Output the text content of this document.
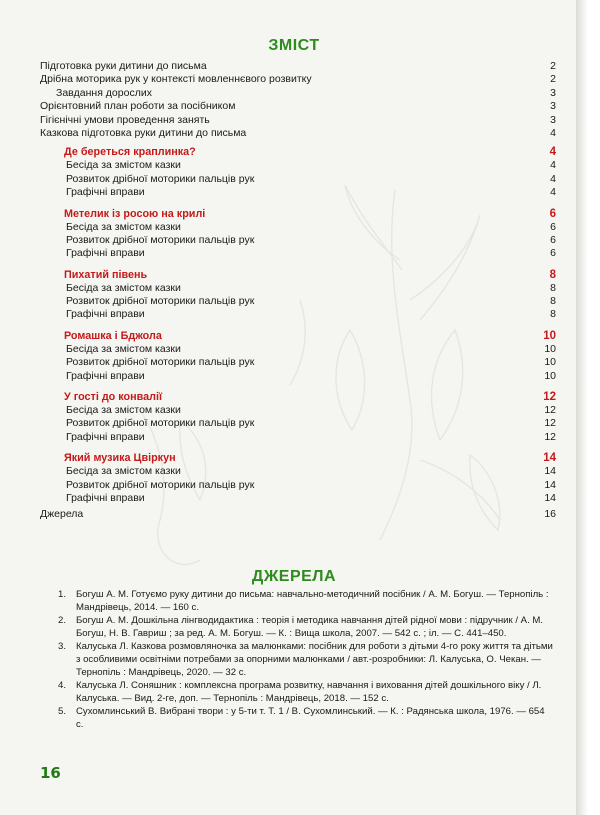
ЗМІСТ
Підготовка руки дитини до письма	2
Дрібна моторика рук у контексті мовленнєвого розвитку	2
Завдання дорослих	3
Орієнтовний план роботи за посібником	3
Гігієнічні умови проведення занять	3
Казкова підготовка руки дитини до письма	4
Де береться краплинка?	4
Бесіда за змістом казки	4
Розвиток дрібної моторики пальців рук	4
Графічні вправи	4
Метелик із росою на крилі	6
Бесіда за змістом казки	6
Розвиток дрібної моторики пальців рук	6
Графічні вправи	6
Пихатий півень	8
Бесіда за змістом казки	8
Розвиток дрібної моторики пальців рук	8
Графічні вправи	8
Ромашка і Бджола	10
Бесіда за змістом казки	10
Розвиток дрібної моторики пальців рук	10
Графічні вправи	10
У гості до конвалії	12
Бесіда за змістом казки	12
Розвиток дрібної моторики пальців рук	12
Графічні вправи	12
Який музика Цвіркун	14
Бесіда за змістом казки	14
Розвиток дрібної моторики пальців рук	14
Графічні вправи	14
Джерела	16
ДЖЕРЕЛА
1.	Богуш А. М. Готуємо руку дитини до письма: навчально-методичний посібник / А. М. Богуш. — Тернопіль : Мандрівець, 2014. — 160 с.
2.	Богуш А. М. Дошкільна лінгводидактика : теорія і методика навчання дітей рідної мови : підручник / А. М. Богуш, Н. В. Гавриш ; за ред. А. М. Богуш. — К. : Вища школа, 2007. — 542 с. ; іл. — С. 441–450.
3.	Калуська Л. Казкова розмовляночка за малюнками: посібник для роботи з дітьми 4-го року життя та дітьми з особливими освітніми потребами за опорними малюнками / авт.-розробники: Л. Калуська, О. Чекан. — Тернопіль : Мандрівець, 2020. — 32 с.
4.	Калуська Л. Соняшник : комплексна програма розвитку, навчання і виховання дітей дошкільного віку / Л. Калуська. — Вид. 2-ге, доп. — Тернопіль : Мандрівець, 2018. — 152 с.
5.	Сухомлинський В. Вибрані твори : у 5-ти т. Т. 1 / В. Сухомлинський. — К. : Радянська школа, 1976. — 654 с.
16
